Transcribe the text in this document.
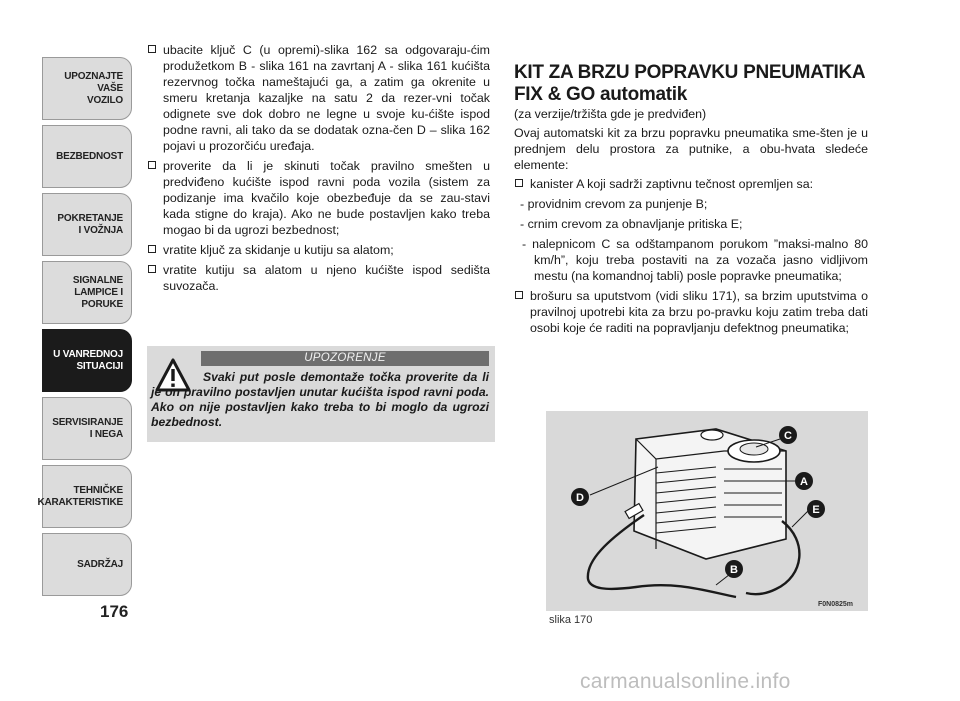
UPOZNAJTE
VAŠE
VOZILO
BEZBEDNOST
POKRETANJE
I VOŽNJA
SIGNALNE
LAMPICE I PORUKE
U VANREDNOJ
SITUACIJI
SERVISIRANJE
I NEGA
TEHNIČKE
KARAKTERISTIKE
SADRŽAJ
176

ubacite ključ C (u opremi)-slika 162 sa odgovaraju-ćim produžetkom B - slika 161 na zavrtanj A - slika 161 kućišta rezervnog točka nameštajući ga, a zatim ga okrenite u smeru kretanja kazaljke na satu 2 da rezer-vni točak odignete sve dok dobro ne legne u svoje ku-ćište ispod podne ravni, ali tako da se dodatak ozna-čen D – slika 162 pojavi u prozorčiću uređaja.

proverite da li je skinuti točak pravilno smešten u predviđeno kućište ispod ravni poda vozila (sistem za podizanje ima kvačilo koje obezbeđuje da se zau-stavi kada stigne do kraja). Ako ne bude postavljen kako treba mogao bi da ugrozi bezbednost;

vratite ključ za skidanje u kutiju sa alatom;

vratite kutiju sa alatom u njeno kućište ispod sedišta suvozača.

UPOZORENJE
Svaki put posle demontaže točka proverite da li je on pravilno postavljen unutar kućišta ispod ravni poda. Ako on nije postavljen kako treba to bi moglo da ugrozi bezbednost.
KIT ZA BRZU POPRAVKU PNEUMATIKA FIX & GO automatik
(za verzije/tržišta gde je predviđen)
Ovaj automatski kit za brzu popravku pneumatika sme-šten je u prednjem delu prostora za putnike, a obu-hvata sledeće elemente:

kanister A koji sadrži zaptivnu tečnost opremljen sa:

- providnim crevom za punjenje B;
- crnim crevom za obnavljanje pritiska E;
- nalepnicom C sa odštampanom porukom ”maksi-malno 80 km/h”, koju treba postaviti na za vozača jasno vidljivom mestu (na komandnoj tabli) posle popravke pneumatika;

brošuru sa uputstvom (vidi sliku 171), sa brzim uputstvima o pravilnoj upotrebi kita za brzu po-pravku koju zatim treba dati osobi koje će raditi na popravljanju defektnog pneumatika;

C
A
D
E
B
F0N0825m
slika 170
carmanualsonline.info
